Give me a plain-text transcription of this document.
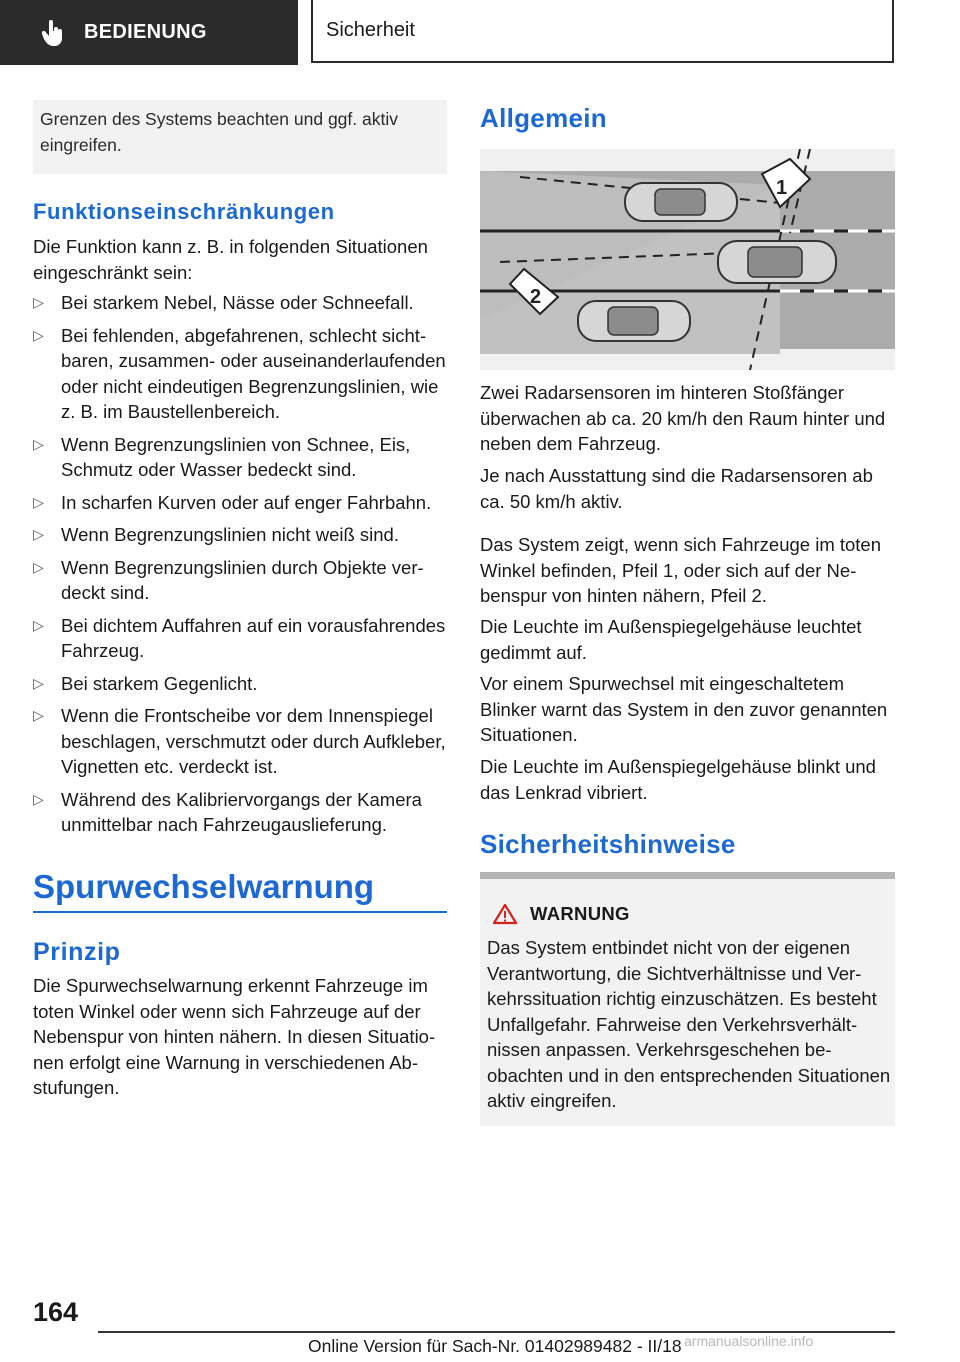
BEDIENUNG	Sicherheit
Grenzen des Systems beachten und ggf. aktiv eingreifen.
Funktionseinschränkungen
Die Funktion kann z. B. in folgenden Situationen eingeschränkt sein:
▷ Bei starkem Nebel, Nässe oder Schneefall.
▷ Bei fehlenden, abgefahrenen, schlecht sichtbaren, zusammen- oder auseinanderlaufenden oder nicht eindeutigen Begrenzungslinien, wie z. B. im Baustellenbereich.
▷ Wenn Begrenzungslinien von Schnee, Eis, Schmutz oder Wasser bedeckt sind.
▷ In scharfen Kurven oder auf enger Fahrbahn.
▷ Wenn Begrenzungslinien nicht weiß sind.
▷ Wenn Begrenzungslinien durch Objekte verdeckt sind.
▷ Bei dichtem Auffahren auf ein vorausfahrendes Fahrzeug.
▷ Bei starkem Gegenlicht.
▷ Wenn die Frontscheibe vor dem Innenspiegel beschlagen, verschmutzt oder durch Aufkleber, Vignetten etc. verdeckt ist.
▷ Während des Kalibriervorgangs der Kamera unmittelbar nach Fahrzeugauslieferung.
Spurwechselwarnung
Prinzip
Die Spurwechselwarnung erkennt Fahrzeuge im toten Winkel oder wenn sich Fahrzeuge auf der Nebenspur von hinten nähern. In diesen Situationen erfolgt eine Warnung in verschiedenen Abstufungen.
Allgemein
1
2
Zwei Radarsensoren im hinteren Stoßfänger überwachen ab ca. 20 km/h den Raum hinter und neben dem Fahrzeug.
Je nach Ausstattung sind die Radarsensoren ab ca. 50 km/h aktiv.
Das System zeigt, wenn sich Fahrzeuge im toten Winkel befinden, Pfeil 1, oder sich auf der Nebenspur von hinten nähern, Pfeil 2.
Die Leuchte im Außenspiegelgehäuse leuchtet gedimmt auf.
Vor einem Spurwechsel mit eingeschaltetem Blinker warnt das System in den zuvor genannten Situationen.
Die Leuchte im Außenspiegelgehäuse blinkt und das Lenkrad vibriert.
Sicherheitshinweise
WARNUNG
Das System entbindet nicht von der eigenen Verantwortung, die Sichtverhältnisse und Verkehrssituation richtig einzuschätzen. Es besteht Unfallgefahr. Fahrweise den Verkehrsverhältnissen anpassen. Verkehrsgeschehen beobachten und in den entsprechenden Situationen aktiv eingreifen.
164
Online Version für Sach-Nr. 01402989482 - II/18 armanualsonline.info
